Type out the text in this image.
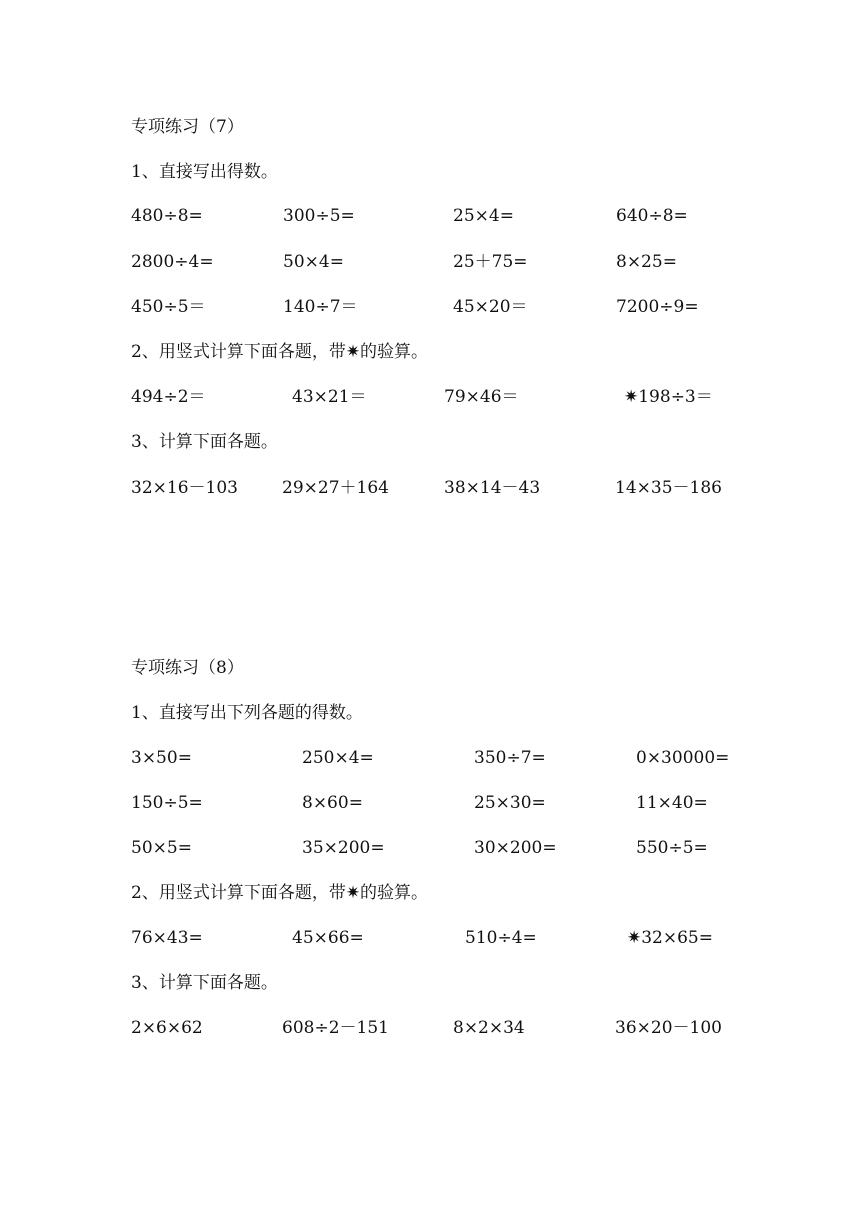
专项练习（7）
1、直接写出得数。
480÷8=	300÷5=	25×4=	640÷8=
2800÷4=	50×4=	25＋75=	8×25=
450÷5＝	140÷7＝	45×20＝	7200÷9=
2、用竖式计算下面各题，带✷的验算。
494÷2＝	43×21＝	79×46＝	✷198÷3＝
3、计算下面各题。
32×16－103	29×27＋164	38×14－43	14×35－186
专项练习（8）
1、直接写出下列各题的得数。
3×50=	250×4=	350÷7=	0×30000=
150÷5=	8×60=	25×30=	11×40=
50×5=	35×200=	30×200=	550÷5=
2、用竖式计算下面各题，带✷的验算。
76×43=	45×66=	510÷4=	✷32×65=
3、计算下面各题。
2×6×62	608÷2－151	8×2×34	36×20－100
